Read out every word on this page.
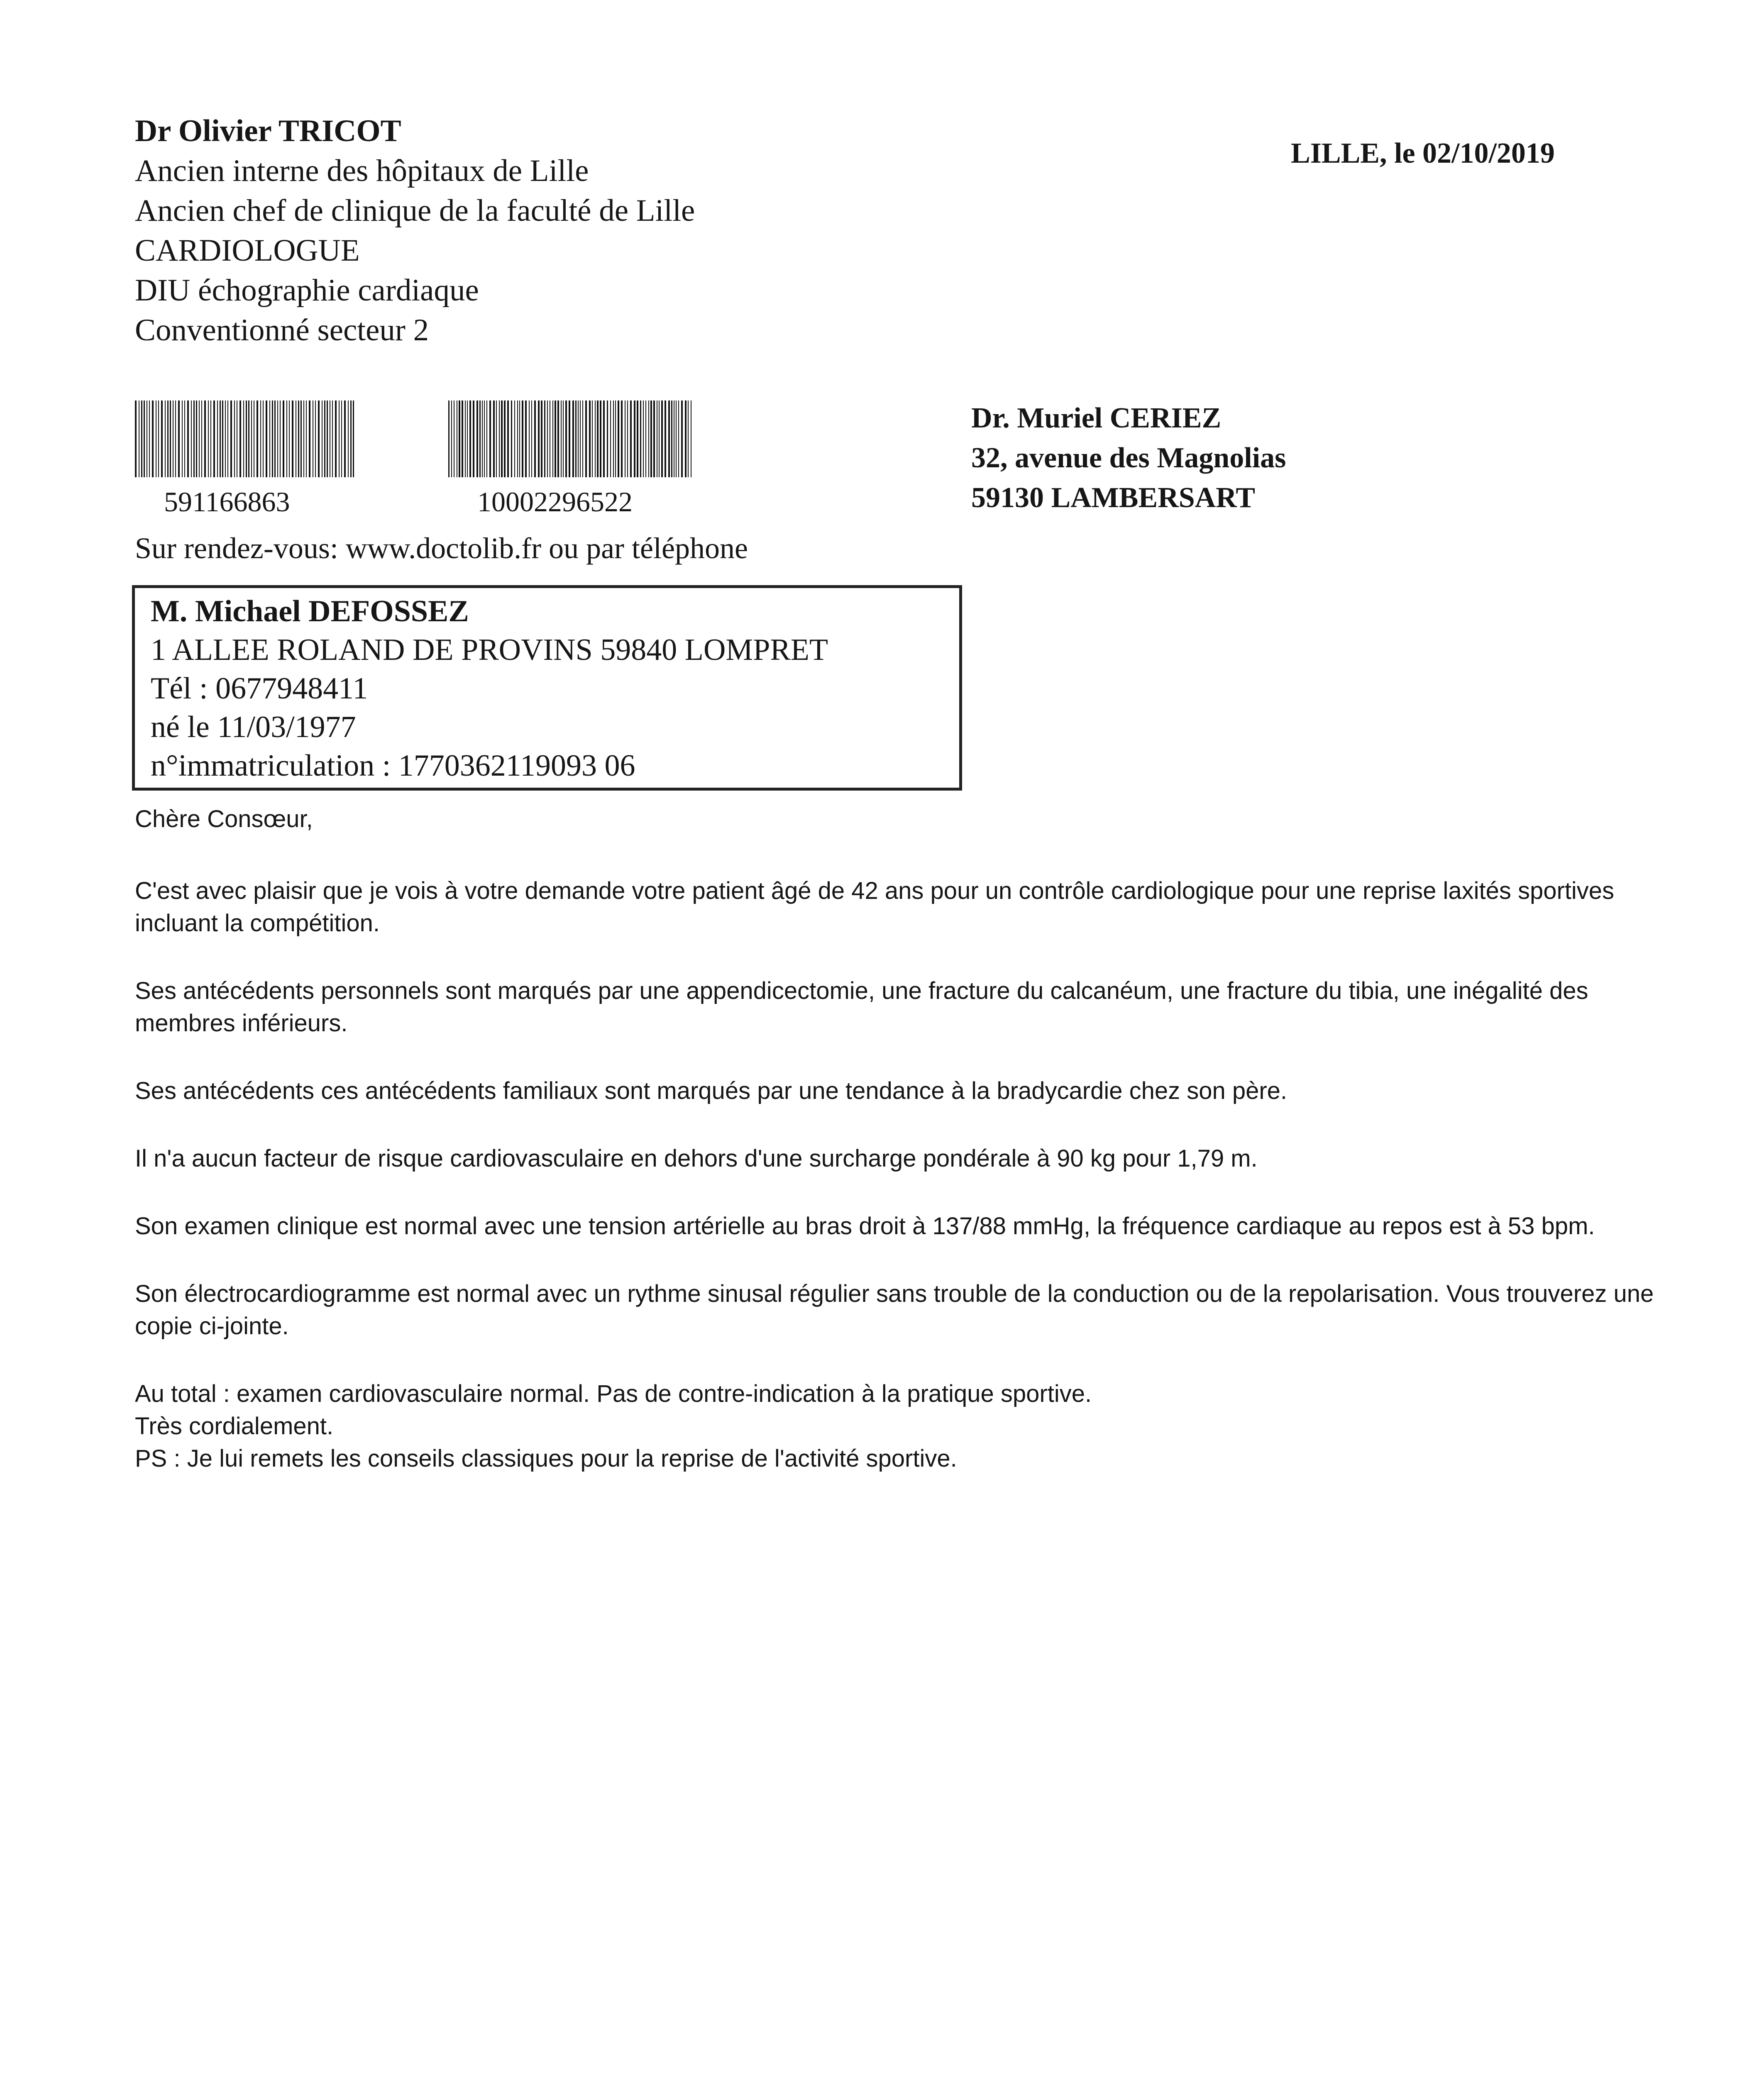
Dr Olivier TRICOT
Ancien interne des hôpitaux de Lille
Ancien chef de clinique de la faculté de Lille
CARDIOLOGUE
DIU échographie cardiaque
Conventionné secteur 2
LILLE, le 02/10/2019
591166863	10002296522
Dr. Muriel CERIEZ
32, avenue des Magnolias
59130 LAMBERSART
Sur rendez-vous: www.doctolib.fr ou par téléphone
M. Michael DEFOSSEZ
1 ALLEE ROLAND DE PROVINS 59840 LOMPRET
Tél : 0677948411
né le 11/03/1977
n°immatriculation : 1770362119093 06

Chère Consœur,

C'est avec plaisir que je vois à votre demande votre patient âgé de 42 ans pour un contrôle cardiologique pour une reprise laxités sportives incluant la compétition.

Ses antécédents personnels sont marqués par une appendicectomie, une fracture du calcanéum, une fracture du tibia, une inégalité des membres inférieurs.

Ses antécédents ces antécédents familiaux sont marqués par une tendance à la bradycardie chez son père.

Il n'a aucun facteur de risque cardiovasculaire en dehors d'une surcharge pondérale à 90 kg pour 1,79 m.

Son examen clinique est normal avec une tension artérielle au bras droit à 137/88 mmHg, la fréquence cardiaque au repos est à 53 bpm.

Son électrocardiogramme est normal avec un rythme sinusal régulier sans trouble de la conduction ou de la repolarisation. Vous trouverez une copie ci-jointe.

Au total : examen cardiovasculaire normal. Pas de contre-indication à la pratique sportive.

Très cordialement.

PS : Je lui remets les conseils classiques pour la reprise de l'activité sportive.
